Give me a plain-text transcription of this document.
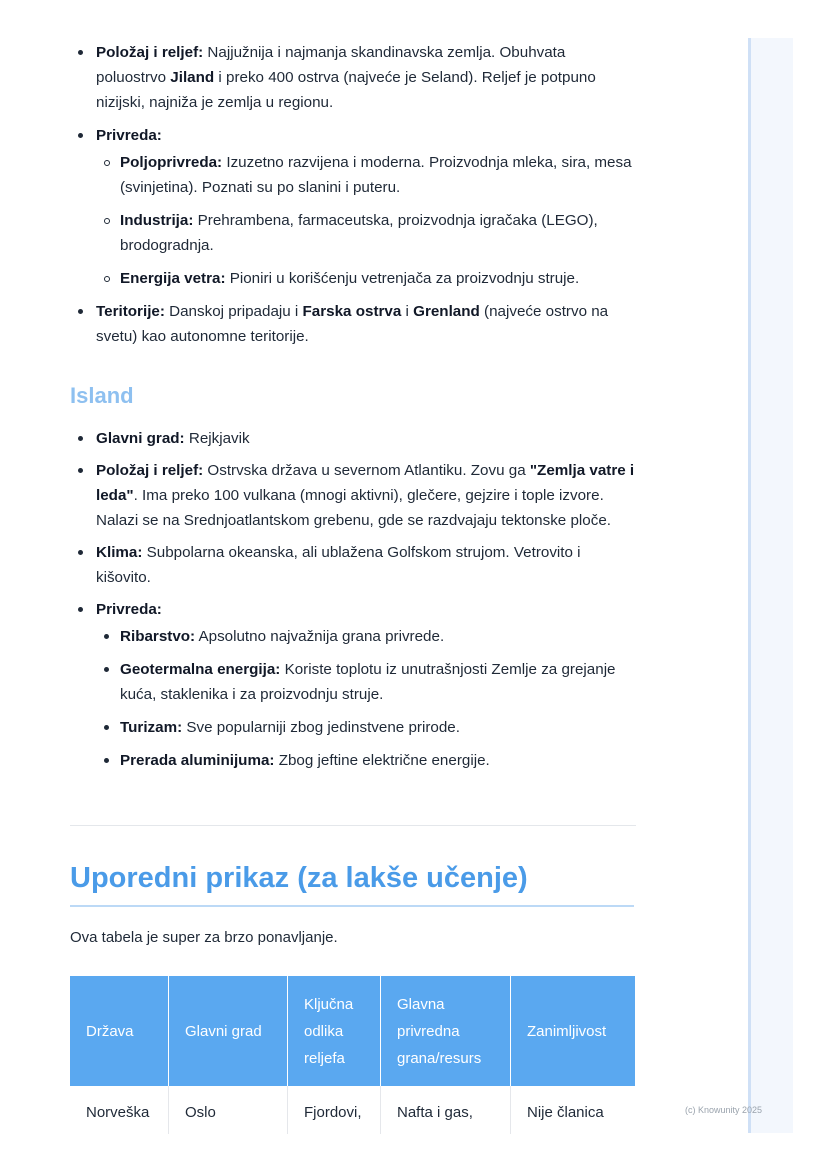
(c) Knowunity 2025
Položaj i reljef: Najjužnija i najmanja skandinavska zemlja. Obuhvata poluostrvo Jiland i preko 400 ostrva (najveće je Seland). Reljef je potpuno nizijski, najniža je zemlja u regionu.
Privreda:
Poljoprivreda: Izuzetno razvijena i moderna. Proizvodnja mleka, sira, mesa (svinjetina). Poznati su po slanini i puteru.
Industrija: Prehrambena, farmaceutska, proizvodnja igračaka (LEGO), brodogradnja.
Energija vetra: Pioniri u korišćenju vetrenjača za proizvodnju struje.
Teritorije: Danskoj pripadaju i Farska ostrva i Grenland (najveće ostrvo na svetu) kao autonomne teritorije.
Island
Glavni grad: Rejkjavik
Položaj i reljef: Ostrvska država u severnom Atlantiku. Zovu ga "Zemlja vatre i leda". Ima preko 100 vulkana (mnogi aktivni), glečere, gejzire i tople izvore. Nalazi se na Srednjoatlantskom grebenu, gde se razdvajaju tektonske ploče.
Klima: Subpolarna okeanska, ali ublažena Golfskom strujom. Vetrovito i kišovito.
Privreda:
Ribarstvo: Apsolutno najvažnija grana privrede.
Geotermalna energija: Koriste toplotu iz unutrašnjosti Zemlje za grejanje kuća, staklenika i za proizvodnju struje.
Turizam: Sve popularniji zbog jedinstvene prirode.
Prerada aluminijuma: Zbog jeftine električne energije.
Uporedni prikaz (za lakše učenje)

Ova tabela je super za brzo ponavljanje.

Država	Glavni grad	Ključna odlika reljefa	Glavna privredna grana/resurs	Zanimljivost
Norveška	Oslo	Fjordovi,	Nafta i gas,	Nije članica
